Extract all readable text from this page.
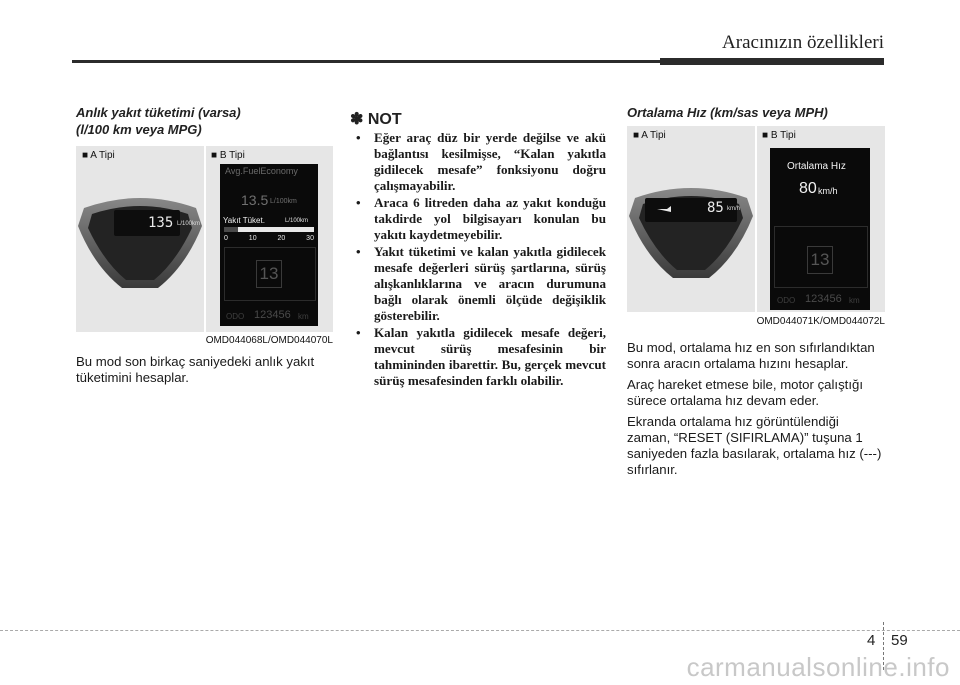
Aracınızın özellikleri
Anlık yakıt tüketimi (varsa)
(l/100 km veya MPG)
■ A Tipi	■ B Tipi
135 L/100km
Avg.FuelEconomy
13.5 L/100km
Yakıt Tüket.	L/100km
0	10	20	30
13
ODO 123456 km
OMD044068L/OMD044070L
Bu mod son birkaç saniyedeki anlık yakıt tüketimini hesaplar.
✽ NOT
• Eğer araç düz bir yerde değilse ve akü bağlantısı kesilmişse, “Kalan yakıtla gidilecek mesafe” fonksiyonu doğru çalışmayabilir.
• Araca 6 litreden daha az yakıt konduğu takdirde yol bilgisayarı konulan bu yakıtı kaydetmeyebilir.
• Yakıt tüketimi ve kalan yakıtla gidilecek mesafe değerleri sürüş şartlarına, sürüş alışkanlıklarına ve aracın durumuna bağlı olarak önemli ölçüde değişiklik gösterebilir.
• Kalan yakıtla gidilecek mesafe değeri, mevcut sürüş mesafesinin bir tahmininden ibarettir. Bu, gerçek mevcut sürüş mesafesinden farklı olabilir.
Ortalama Hız (km/sas veya MPH)
■ A Tipi	■ B Tipi
85 km/h
Ortalama Hız
80 km/h
13
ODO 123456 km
OMD044071K/OMD044072L

Bu mod, ortalama hız en son sıfırlandıktan sonra aracın ortalama hızını hesaplar.

Araç hareket etmese bile, motor çalıştığı sürece ortalama hız devam eder.

Ekranda ortalama hız görüntülendiği zaman, “RESET (SIFIRLAMA)” tuşuna 1 saniyeden fazla basılarak, ortalama hız (---) sıfırlanır.

4 59
carmanualsonline.info
